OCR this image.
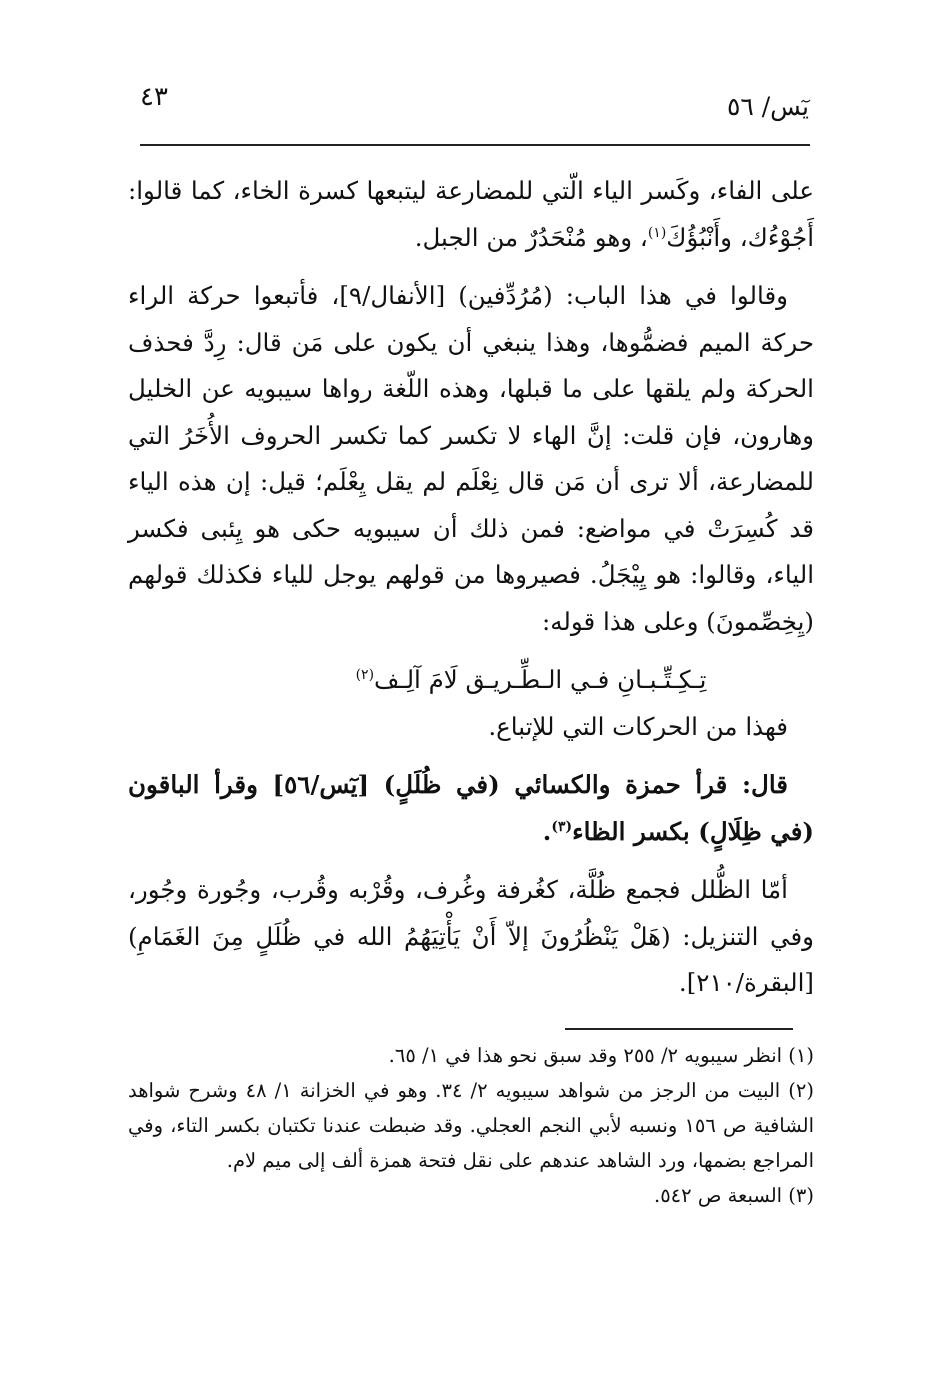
٤٣	يٓس/ ٥٦

على الفاء، وكَسر الياء الّتي للمضارعة ليتبعها كسرة الخاء، كما قالوا: أَجُوْءُك، وأَنْبُؤُكَ$^{(١)}$، وهو مُنْحَدُرٌ من الجبل.

وقالوا في هذا الباب: (مُرُدِّفين) [الأنفال/٩]، فأتبعوا حركة الراء حركة الميم فضمُّوها، وهذا ينبغي أن يكون على مَن قال: رِدَّ فحذف الحركة ولم يلقها على ما قبلها، وهذه اللّغة رواها سيبويه عن الخليل وهارون، فإن قلت: إنَّ الهاء لا تكسر كما تكسر الحروف الأُخَرُ التي للمضارعة، ألا ترى أن مَن قال نِعْلَم لم يقل يِعْلَم؛ قيل: إن هذه الياء قد كُسِرَتْ في مواضع: فمن ذلك أن سيبويه حكى هو يِئبى فكسر الياء، وقالوا: هو يِيْجَلُ. فصيروها من قولهم يوجل للياء فكذلك قولهم (يِخِصِّمونَ) وعلى هذا قوله:

تِـكِـتِّـبـانِ فـي الـطِّـريـق لَامَ آلِـف$^{(٢)}$

فهذا من الحركات التي للإتباع.

قال: قرأ حمزة والكسائي (في ظُلَلٍ) [يٓس/٥٦] وقرأ الباقون (في ظِلَالٍ) بكسر الظاء$^{(٣)}$.

أمّا الظُّلل فجمع ظُلَّة، كغُرفة وغُرف، وقُرْبه وقُرب، وجُورة وجُور، وفي التنزيل: (هَلْ يَنْظُرُونَ إلاّ أَنْ يَأْتِيَهُمُ الله في ظُلَلٍ مِنَ الغَمَامِ) [البقرة/٢١٠].

(١) انظر سيبويه ٢/ ٢٥٥ وقد سبق نحو هذا في ١/ ٦٥.

(٢) البيت من الرجز من شواهد سيبويه ٢/ ٣٤. وهو في الخزانة ١/ ٤٨ وشرح شواهد الشافية ص ١٥٦ ونسبه لأبي النجم العجلي. وقد ضبطت عندنا تكتبان بكسر التاء، وفي المراجع بضمها، ورد الشاهد عندهم على نقل فتحة همزة ألف إلى ميم لام.

(٣) السبعة ص ٥٤٢.
